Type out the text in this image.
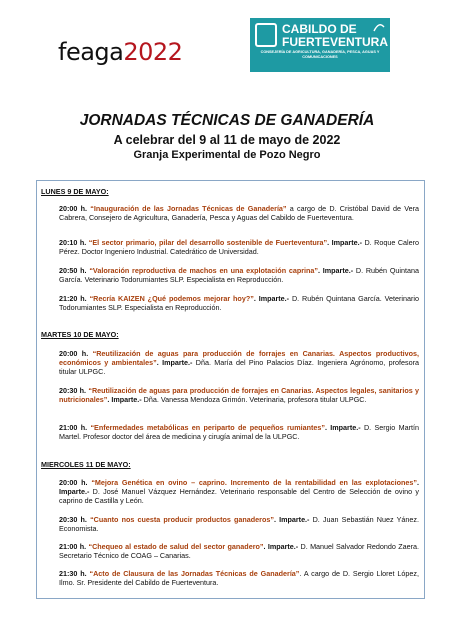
feaga2022
CABILDO DE
FUERTEVENTURA
CONSEJERÍA DE AGRICULTURA, GANADERÍA, PESCA, AGUAS Y COMUNICACIONES
JORNADAS TÉCNICAS DE GANADERÍA
A celebrar del 9 al 11 de mayo de 2022
Granja Experimental de Pozo Negro
LUNES 9 DE MAYO:
20:00 h. “Inauguración de las Jornadas Técnicas de Ganadería” a cargo de D. Cristóbal David de Vera Cabrera, Consejero de Agricultura, Ganadería, Pesca y Aguas del Cabildo de Fuerteventura.
20:10 h. “El sector primario, pilar del desarrollo sostenible de Fuerteventura”. Imparte.- D. Roque Calero Pérez. Doctor Ingeniero Industrial. Catedrático de Universidad.
20:50 h. “Valoración reproductiva de machos en una explotación caprina”. Imparte.- D. Rubén Quintana García. Veterinario Todorumiantes SLP. Especialista en Reproducción.
21:20 h. “Recría KAIZEN ¿Qué podemos mejorar hoy?”. Imparte.- D. Rubén Quintana García. Veterinario Todorumiantes SLP. Especialista en Reproducción.
MARTES 10 DE MAYO:
20:00 h. “Reutilización de aguas para producción de forrajes en Canarias. Aspectos productivos, económicos y ambientales”. Imparte.- Dña. María del Pino Palacios Díaz. Ingeniera Agrónomo, profesora titular ULPGC.
20:30 h. “Reutilización de aguas para producción de forrajes en Canarias. Aspectos legales, sanitarios y nutricionales”. Imparte.- Dña. Vanessa Mendoza Grimón. Veterinaria, profesora titular ULPGC.
21:00 h. “Enfermedades metabólicas en periparto de pequeños rumiantes”. Imparte.- D. Sergio Martín Martel. Profesor doctor del área de medicina y cirugía animal de la ULPGC.
MIERCOLES 11 DE MAYO:
20:00 h. “Mejora Genética en ovino – caprino. Incremento de la rentabilidad en las explotaciones”. Imparte.- D. José Manuel Vázquez Hernández. Veterinario responsable del Centro de Selección de ovino y caprino de Castilla y León.
20:30 h. “Cuanto nos cuesta producir productos ganaderos”. Imparte.- D. Juan Sebastián Nuez Yánez. Economista.
21:00 h. “Chequeo al estado de salud del sector ganadero”. Imparte.- D. Manuel Salvador Redondo Zaera. Secretario Técnico de COAG – Canarias.
21:30 h. “Acto de Clausura de las Jornadas Técnicas de Ganadería”. A cargo de D. Sergio Lloret López, Ilmo. Sr. Presidente del Cabildo de Fuerteventura.
